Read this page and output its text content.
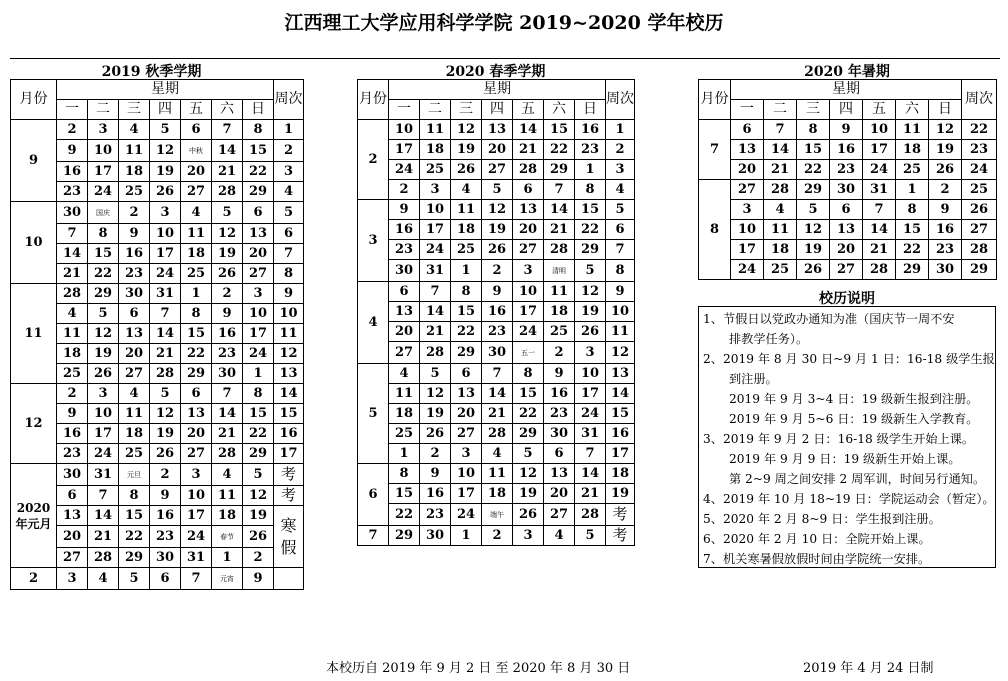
江西理工大学应用科学学院 2019~2020 学年校历
2019 秋季学期
月份	星期							周次
	一	二	三	四	五	六	日	
9	2	3	4	5	6	7	8	1
	9	10	11	12	中秋	14	15	2
	16	17	18	19	20	21	22	3
	23	24	25	26	27	28	29	4
10	30	国庆	2	3	4	5	6	5
	7	8	9	10	11	12	13	6
	14	15	16	17	18	19	20	7
	21	22	23	24	25	26	27	8
11	28	29	30	31	1	2	3	9
	4	5	6	7	8	9	10	10
	11	12	13	14	15	16	17	11
	18	19	20	21	22	23	24	12
	25	26	27	28	29	30	1	13
12	2	3	4	5	6	7	8	14
	9	10	11	12	13	14	15	15
	16	17	18	19	20	21	22	16
	23	24	25	26	27	28	29	17
2020 年元月	30	31	元旦	2	3	4	5	考
	6	7	8	9	10	11	12	考
	13	14	15	16	17	18	19	寒假
	20	21	22	23	24	春节	26	
	27	28	29	30	31	1	2	
2	3	4	5	6	7	元宵	9	
2020 春季学期
月份	星期							周次
	一	二	三	四	五	六	日	
2	10	11	12	13	14	15	16	1
	17	18	19	20	21	22	23	2
	24	25	26	27	28	29	1	3
	2	3	4	5	6	7	8	4
3	9	10	11	12	13	14	15	5
	16	17	18	19	20	21	22	6
	23	24	25	26	27	28	29	7
	30	31	1	2	3	清明	5	8
4	6	7	8	9	10	11	12	9
	13	14	15	16	17	18	19	10
	20	21	22	23	24	25	26	11
	27	28	29	30	五一	2	3	12
5	4	5	6	7	8	9	10	13
	11	12	13	14	15	16	17	14
	18	19	20	21	22	23	24	15
	25	26	27	28	29	30	31	16
	1	2	3	4	5	6	7	17
6	8	9	10	11	12	13	14	18
	15	16	17	18	19	20	21	19
	22	23	24	端午	26	27	28	考
7	29	30	1	2	3	4	5	考
2020 年暑期
月份	星期							周次
	一	二	三	四	五	六	日	
7	6	7	8	9	10	11	12	22
	13	14	15	16	17	18	19	23
	20	21	22	23	24	25	26	24
8	27	28	29	30	31	1	2	25
	3	4	5	6	7	8	9	26
	10	11	12	13	14	15	16	27
	17	18	19	20	21	22	23	28
	24	25	26	27	28	29	30	29
校历说明
1、节假日以党政办通知为准（国庆节一周不安
排教学任务）。
2、2019 年 8 月 30 日~9 月 1 日：16-18 级学生报
到注册。
2019 年 9 月 3~4 日：19 级新生报到注册。
2019 年 9 月 5~6 日：19 级新生入学教育。
3、2019 年 9 月 2 日：16-18 级学生开始上课。
2019 年 9 月 9 日：19 级新生开始上课。
第 2~9 周之间安排 2 周军训，时间另行通知。
4、2019 年 10 月 18~19 日：学院运动会（暂定）。
5、2020 年 2 月 8~9 日：学生报到注册。
6、2020 年 2 月 10 日：全院开始上课。
7、机关寒暑假放假时间由学院统一安排。
本校历自 2019 年 9 月 2 日 至 2020 年 8 月 30 日	2019 年 4 月 24 日制
